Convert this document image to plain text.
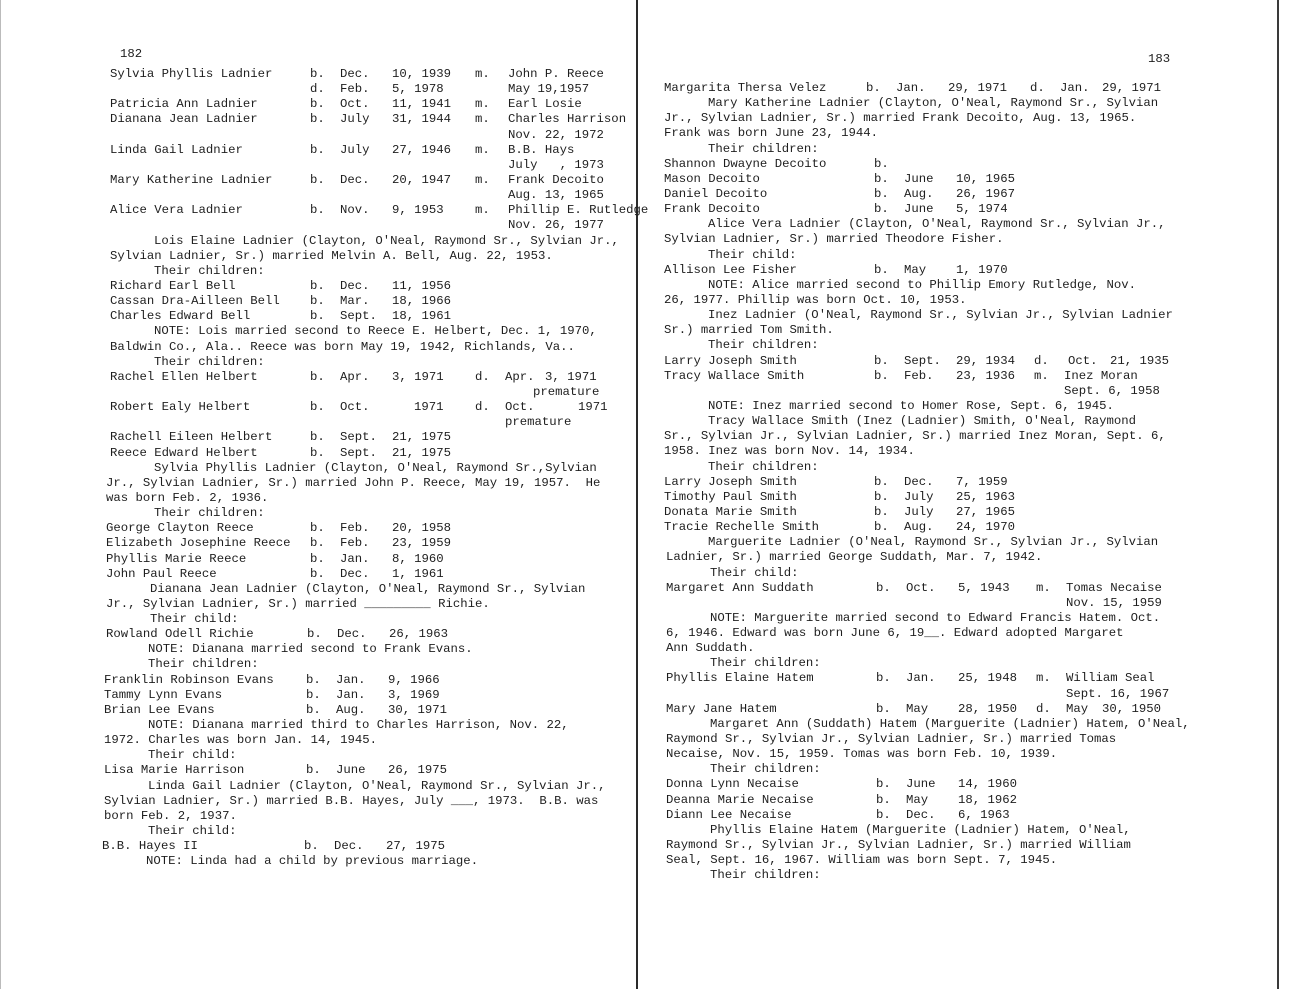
182
Sylvia Phyllis Ladnier	b. Dec. 10, 1939 m. John P. Reece
d. Feb. 5, 1978	May 19,1957
Patricia Ann Ladnier	b. Oct. 11, 1941 m. Earl Losie
Dianana Jean Ladnier	b. July 31, 1944 m. Charles Harrison
Nov. 22, 1972
Linda Gail Ladnier	b. July 27, 1946 m. B.B. Hays
July   , 1973
Mary Katherine Ladnier	b. Dec. 20, 1947 m. Frank Decoito
Aug. 13, 1965
Alice Vera Ladnier	b. Nov. 9, 1953	m. Phillip E. Rutledge
Nov. 26, 1977
Lois Elaine Ladnier (Clayton, O'Neal, Raymond Sr., Sylvian Jr.,
Sylvian Ladnier, Sr.) married Melvin A. Bell, Aug. 22, 1953.
Their children:
Richard Earl Bell	b. Dec. 11, 1956
Cassan Dra-Ailleen Bell b. Mar. 18, 1966
Charles Edward Bell	b. Sept. 18, 1961
NOTE: Lois married second to Reece E. Helbert, Dec. 1, 1970,
Baldwin Co., Ala.. Reece was born May 19, 1942, Richlands, Va..
Their children:
Rachel Ellen Helbert	b. Apr. 3, 1971	d. Apr. 3, 1971
premature
Robert Ealy Helbert	b. Oct.	1971	d. Oct.	1971
premature
Rachell Eileen Helbert	b. Sept. 21, 1975
Reece Edward Helbert	b. Sept. 21, 1975
Sylvia Phyllis Ladnier (Clayton, O'Neal, Raymond Sr.,Sylvian
Jr., Sylvian Ladnier, Sr.) married John P. Reece, May 19, 1957.  He
was born Feb. 2, 1936.
Their children:
George Clayton Reece	b. Feb. 20, 1958
Elizabeth Josephine Reece b. Feb. 23, 1959
Phyllis Marie Reece	b. Jan. 8, 1960
John Paul Reece	b. Dec. 1, 1961
Dianana Jean Ladnier (Clayton, O'Neal, Raymond Sr., Sylvian
Jr., Sylvian Ladnier, Sr.) married _________ Richie.
Their child:
Rowland Odell Richie	b. Dec. 26, 1963
NOTE: Dianana married second to Frank Evans.
Their children:
Franklin Robinson Evans	b. Jan. 9, 1966
Tammy Lynn Evans	b. Jan. 3, 1969
Brian Lee Evans	b. Aug. 30, 1971
NOTE: Dianana married third to Charles Harrison, Nov. 22,
1972. Charles was born Jan. 14, 1945.
Their child:
Lisa Marie Harrison	b. June 26, 1975
Linda Gail Ladnier (Clayton, O'Neal, Raymond Sr., Sylvian Jr.,
Sylvian Ladnier, Sr.) married B.B. Hayes, July ___, 1973.  B.B. was
born Feb. 2, 1937.
Their child:
B.B. Hayes II	b. Dec. 27, 1975
NOTE: Linda had a child by previous marriage.
183
Margarita Thersa Velez	b. Jan. 29, 1971 d. Jan. 29, 1971
Mary Katherine Ladnier (Clayton, O'Neal, Raymond Sr., Sylvian
Jr., Sylvian Ladnier, Sr.) married Frank Decoito, Aug. 13, 1965.
Frank was born June 23, 1944.
Their children:
Shannon Dwayne Decoito	b.
Mason Decoito	b. June 10, 1965
Daniel Decoito	b. Aug. 26, 1967
Frank Decoito	b. June 5, 1974
Alice Vera Ladnier (Clayton, O'Neal, Raymond Sr., Sylvian Jr.,
Sylvian Ladnier, Sr.) married Theodore Fisher.
Their child:
Allison Lee Fisher	b. May 1, 1970
NOTE: Alice married second to Phillip Emory Rutledge, Nov.
26, 1977. Phillip was born Oct. 10, 1953.
Inez Ladnier (O'Neal, Raymond Sr., Sylvian Jr., Sylvian Ladnier
Sr.) married Tom Smith.
Their children:
Larry Joseph Smith	b. Sept. 29, 1934 d. Oct. 21, 1935
Tracy Wallace Smith	b. Feb. 23, 1936 m. Inez Moran
Sept. 6, 1958
NOTE: Inez married second to Homer Rose, Sept. 6, 1945.
Tracy Wallace Smith (Inez (Ladnier) Smith, O'Neal, Raymond
Sr., Sylvian Jr., Sylvian Ladnier, Sr.) married Inez Moran, Sept. 6,
1958. Inez was born Nov. 14, 1934.
Their children:
Larry Joseph Smith	b. Dec. 7, 1959
Timothy Paul Smith	b. July 25, 1963
Donata Marie Smith	b. July 27, 1965
Tracie Rechelle Smith	b. Aug. 24, 1970
Marguerite Ladnier (O'Neal, Raymond Sr., Sylvian Jr., Sylvian
Ladnier, Sr.) married George Suddath, Mar. 7, 1942.
Their child:
Margaret Ann Suddath	b. Oct. 5, 1943 m. Tomas Necaise
Nov. 15, 1959
NOTE: Marguerite married second to Edward Francis Hatem. Oct.
6, 1946. Edward was born June 6, 19__. Edward adopted Margaret
Ann Suddath.
Their children:
Phyllis Elaine Hatem	b. Jan. 25, 1948 m. William Seal
Sept. 16, 1967
Mary Jane Hatem	b. May 28, 1950 d. May 30, 1950
Margaret Ann (Suddath) Hatem (Marguerite (Ladnier) Hatem, O'Neal,
Raymond Sr., Sylvian Jr., Sylvian Ladnier, Sr.) married Tomas
Necaise, Nov. 15, 1959. Tomas was born Feb. 10, 1939.
Their children:
Donna Lynn Necaise	b. June 14, 1960
Deanna Marie Necaise	b. May 18, 1962
Diann Lee Necaise	b. Dec. 6, 1963
Phyllis Elaine Hatem (Marguerite (Ladnier) Hatem, O'Neal,
Raymond Sr., Sylvian Jr., Sylvian Ladnier, Sr.) married William
Seal, Sept. 16, 1967. William was born Sept. 7, 1945.
Their children:
